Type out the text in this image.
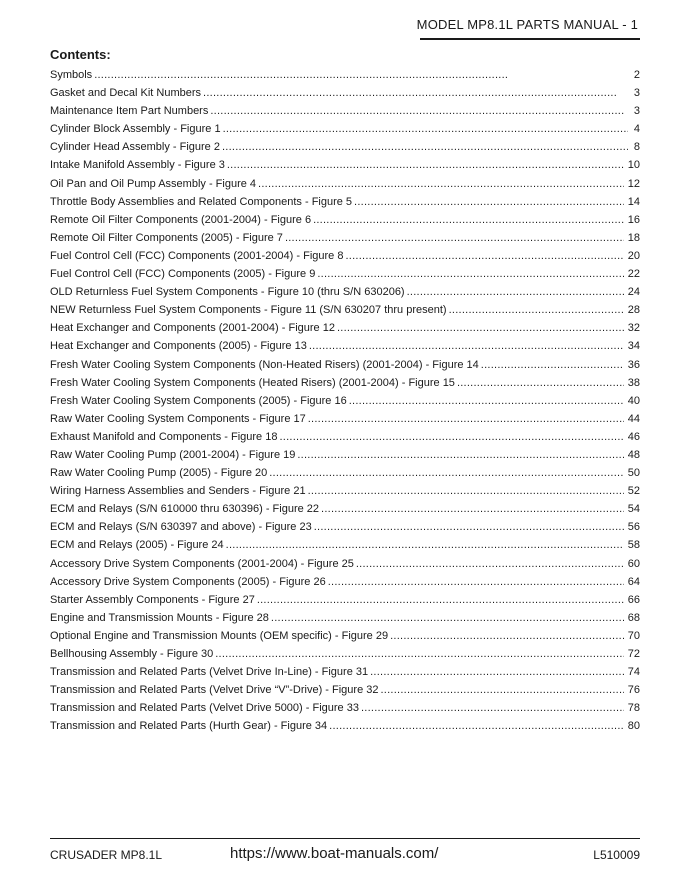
MODEL MP8.1L PARTS MANUAL - 1
Contents:
Symbols . . .	2
Gasket and Decal Kit Numbers . . .	3
Maintenance Item Part Numbers . . .	3
Cylinder Block Assembly - Figure 1 . . .	4
Cylinder Head Assembly - Figure 2 . . .	8
Intake Manifold Assembly - Figure 3 . . .	10
Oil Pan and Oil Pump Assembly - Figure 4 . . .	12
Throttle Body Assemblies and Related Components - Figure 5 . . .	14
Remote Oil Filter Components (2001-2004) - Figure 6 . . .	16
Remote Oil Filter Components (2005) - Figure 7 . . .	18
Fuel Control Cell (FCC) Components (2001-2004) - Figure 8 . . .	20
Fuel Control Cell (FCC) Components (2005) - Figure 9 . . .	22
OLD Returnless Fuel System Components - Figure 10 (thru S/N 630206) . . .	24
NEW Returnless Fuel System Components - Figure 11 (S/N 630207 thru present) . . .	28
Heat Exchanger and Components (2001-2004) - Figure 12 . . .	32
Heat Exchanger and Components (2005) - Figure 13 . . .	34
Fresh Water Cooling System Components (Non-Heated Risers) (2001-2004) - Figure 14 . . .	36
Fresh Water Cooling System Components (Heated Risers) (2001-2004) - Figure 15 . . .	38
Fresh Water Cooling System Components (2005) - Figure 16 . . .	40
Raw Water Cooling System Components - Figure 17 . . .	44
Exhaust Manifold and Components - Figure 18 . . .	46
Raw Water Cooling Pump (2001-2004) - Figure 19 . . .	48
Raw Water Cooling Pump (2005) - Figure 20 . . .	50
Wiring Harness Assemblies and Senders - Figure 21 . . .	52
ECM and Relays (S/N 610000 thru 630396) - Figure 22 . . .	54
ECM and Relays (S/N 630397 and above) - Figure 23 . . .	56
ECM and Relays (2005) - Figure 24 . . .	58
Accessory Drive System Components (2001-2004) - Figure 25 . . .	60
Accessory Drive System Components (2005) - Figure 26 . . .	64
Starter Assembly Components - Figure 27 . . .	66
Engine and Transmission Mounts - Figure 28 . . .	68
Optional Engine and Transmission Mounts (OEM specific) - Figure 29 . . .	70
Bellhousing Assembly - Figure 30 . . .	72
Transmission and Related Parts (Velvet Drive In-Line) - Figure 31 . . .	74
Transmission and Related Parts (Velvet Drive “V”-Drive) - Figure 32 . . .	76
Transmission and Related Parts (Velvet Drive 5000) - Figure 33 . . .	78
Transmission and Related Parts (Hurth Gear) - Figure 34 . . .	80
CRUSADER MP8.1L	https://www.boat-manuals.com/	L510009
